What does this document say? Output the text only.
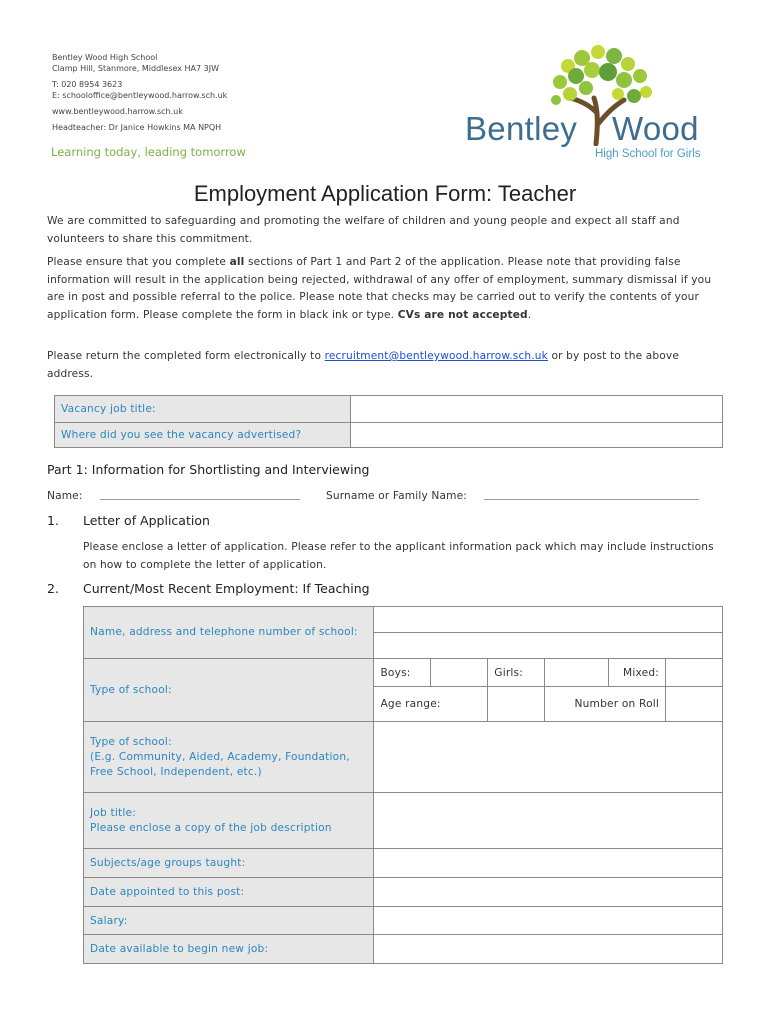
Bentley Wood High School
Clamp Hill, Stanmore, Middlesex HA7 3JW
T: 020 8954 3623
E: schooloffice@bentleywood.harrow.sch.uk
www.bentleywood.harrow.sch.uk
Headteacher: Dr Janice Howkins MA NPQH
Learning today, leading tomorrow
Bentley Wood
High School for Girls
Employment Application Form: Teacher
We are committed to safeguarding and promoting the welfare of children and young people and expect all staff and volunteers to share this commitment.
Please ensure that you complete all sections of Part 1 and Part 2 of the application. Please note that providing false information will result in the application being rejected, withdrawal of any offer of employment, summary dismissal if you are in post and possible referral to the police. Please note that checks may be carried out to verify the contents of your application form. Please complete the form in black ink or type. CVs are not accepted.
Please return the completed form electronically to recruitment@bentleywood.harrow.sch.uk or by post to the above address.
Vacancy job title:	
Where did you see the vacancy advertised?	
Part 1: Information for Shortlisting and Interviewing
Name:	Surname or Family Name:
1. Letter of Application
Please enclose a letter of application. Please refer to the applicant information pack which may include instructions on how to complete the letter of application.
2. Current/Most Recent Employment: If Teaching
Name, address and telephone number of school:						

Type of school:	Boys:		Girls:		Mixed:	
	Age range:			Number on Roll		
Type of school:
(E.g. Community, Aided, Academy, Foundation, Free School, Independent, etc.)						
Job title:
Please enclose a copy of the job description						
Subjects/age groups taught:						
Date appointed to this post:						
Salary:						
Date available to begin new job:						
